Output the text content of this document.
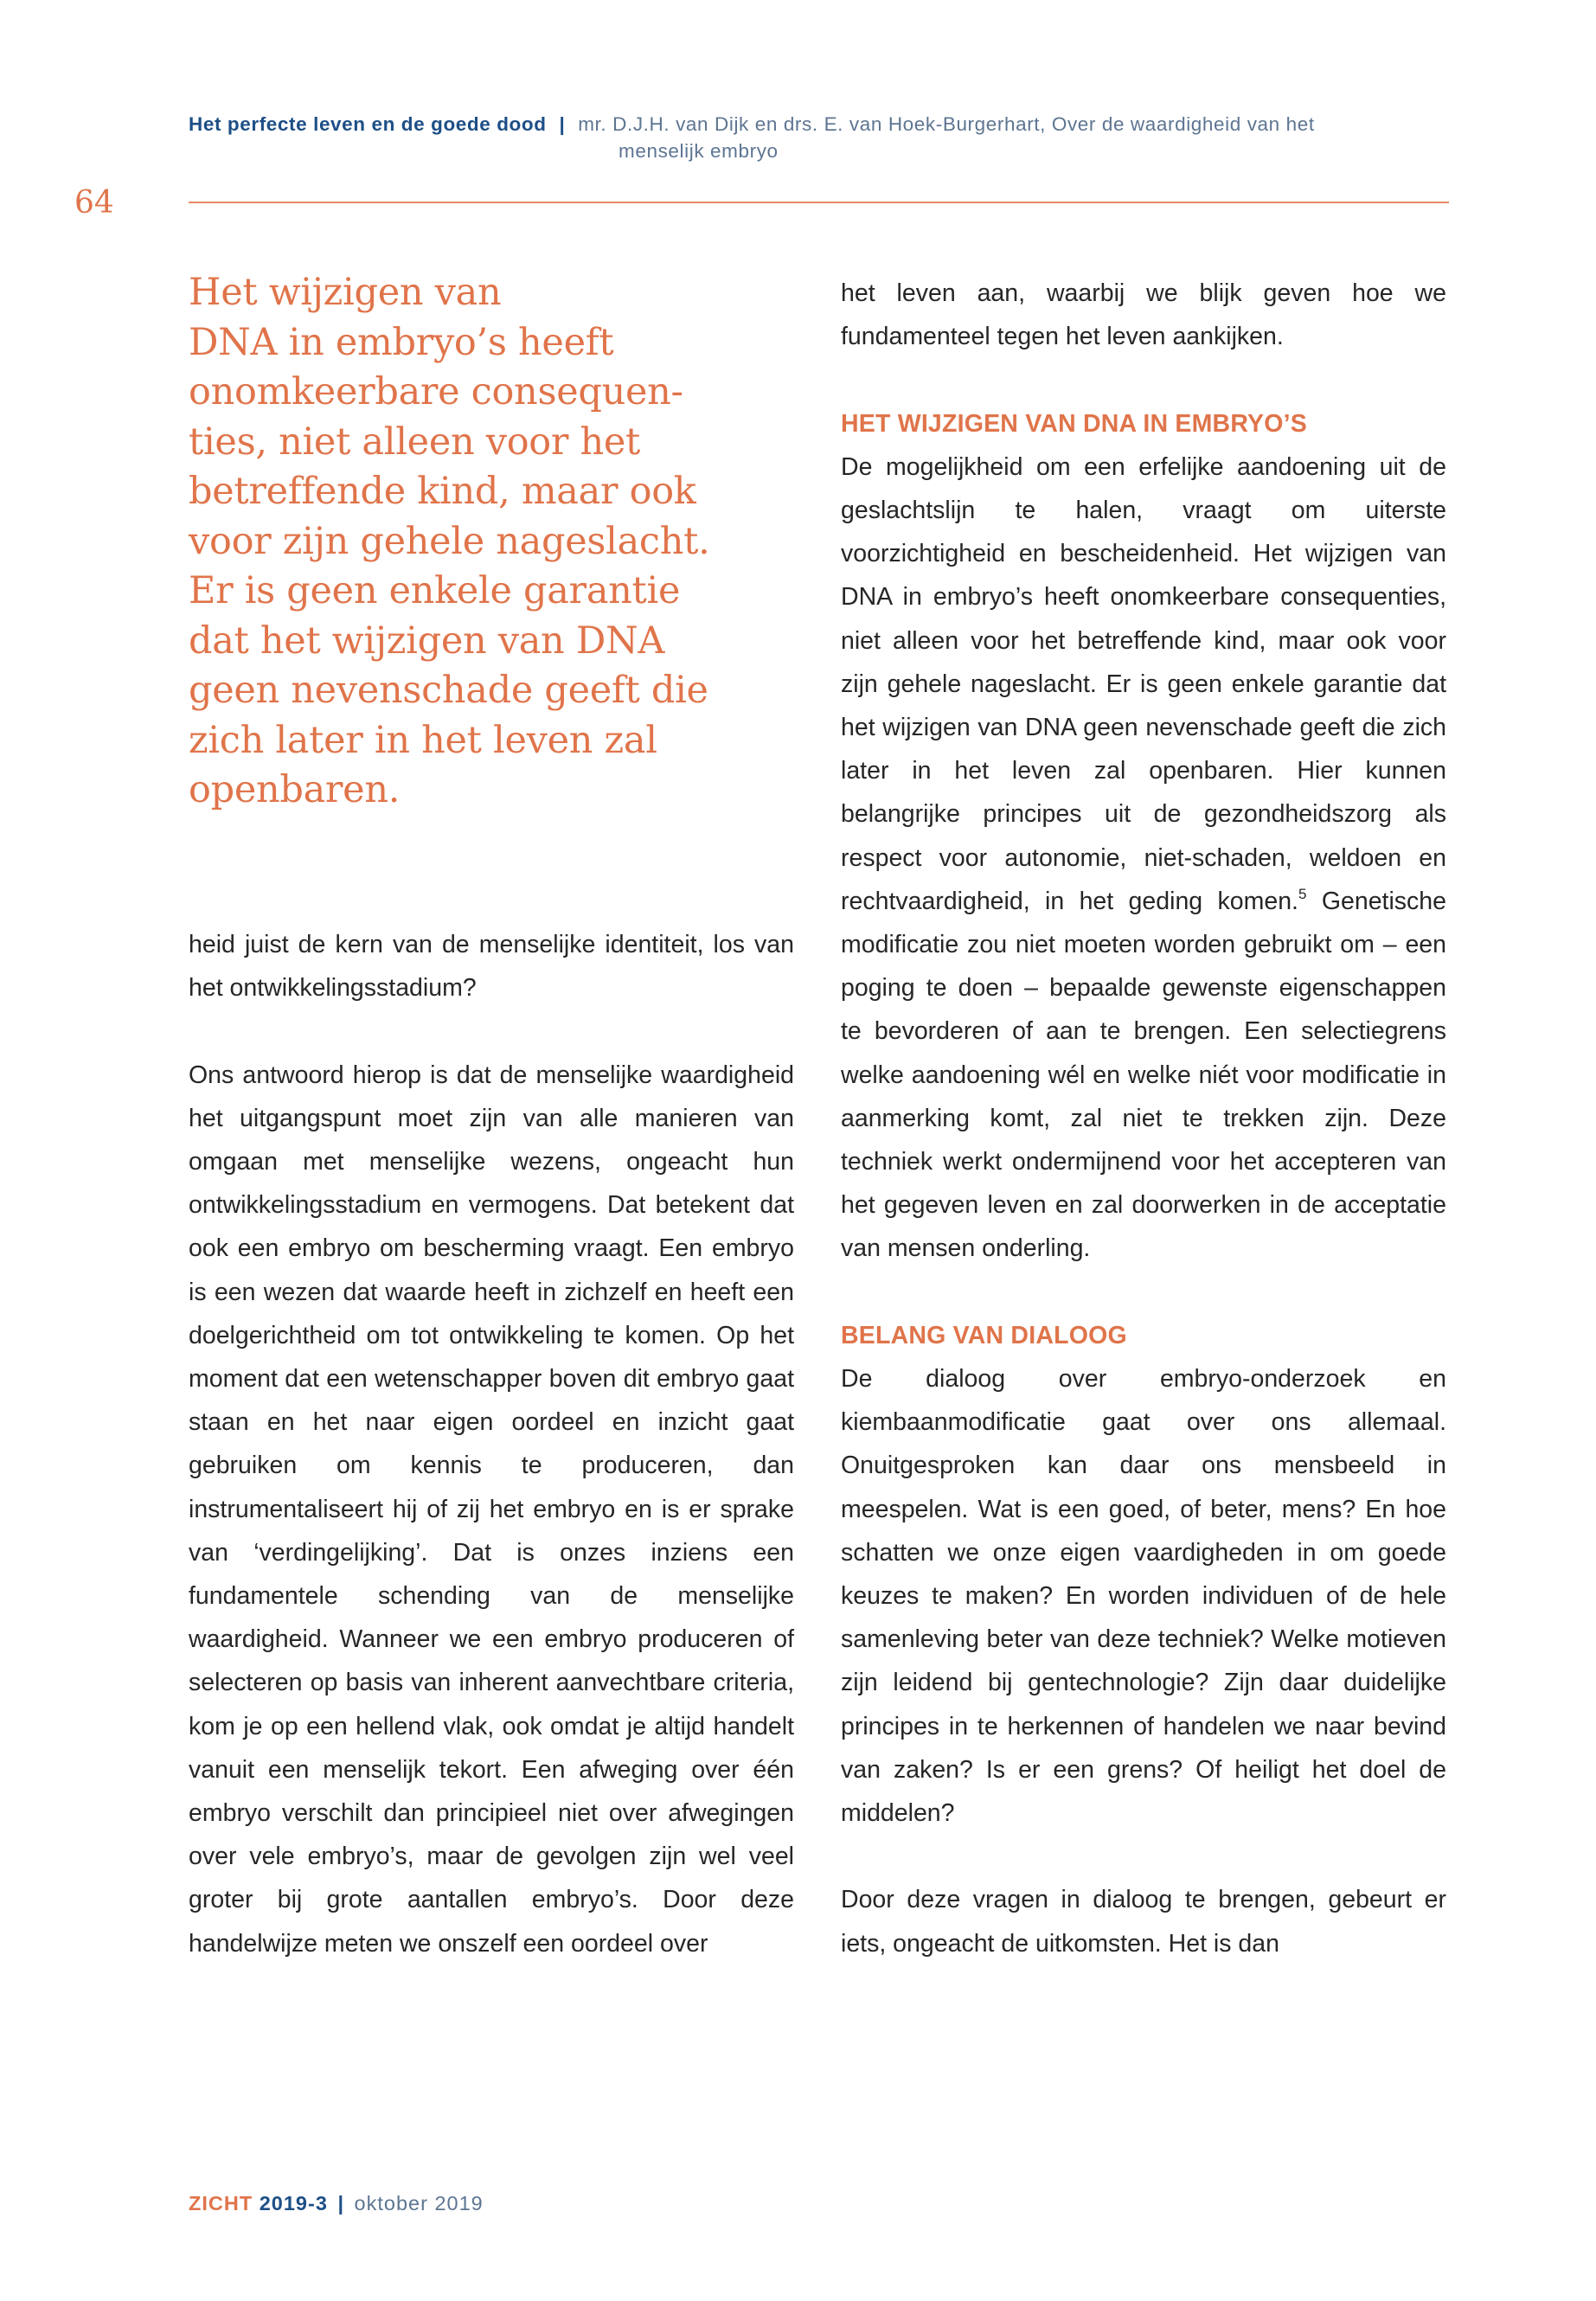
Het perfecte leven en de goede dood | mr. D.J.H. van Dijk en drs. E. van Hoek-Burgerhart, Over de waardigheid van het
menselijk embryo
64
Het wijzigen van
DNA in embryo’s heeft
onomkeerbare consequen-
ties, niet alleen voor het
betreffende kind, maar ook
voor zijn gehele nageslacht.
Er is geen enkele garantie
dat het wijzigen van DNA
geen nevenschade geeft die
zich later in het leven zal
openbaren.

heid juist de kern van de menselijke identiteit, los van het ontwikkelingsstadium?

Ons antwoord hierop is dat de menselijke waardigheid het uitgangspunt moet zijn van alle manieren van omgaan met menselijke wezens, ongeacht hun ontwikkelingsstadium en vermogens. Dat betekent dat ook een embryo om bescherming vraagt. Een embryo is een wezen dat waarde heeft in zichzelf en heeft een doelgerichtheid om tot ontwikkeling te komen. Op het moment dat een wetenschapper boven dit embryo gaat staan en het naar eigen oordeel en inzicht gaat gebruiken om kennis te produceren, dan instrumentaliseert hij of zij het embryo en is er sprake van ‘verdingelijking’. Dat is onzes inziens een fundamentele schending van de menselijke waardigheid. Wanneer we een embryo produceren of selecteren op basis van inherent aanvechtbare criteria, kom je op een hellend vlak, ook omdat je altijd handelt vanuit een menselijk tekort. Een afweging over één embryo verschilt dan principieel niet over afwegingen over vele embryo’s, maar de gevolgen zijn wel veel groter bij grote aantallen embryo’s. Door deze handelwijze meten we onszelf een oordeel over

het leven aan, waarbij we blijk geven hoe we fundamenteel tegen het leven aankijken.

HET WIJZIGEN VAN DNA IN EMBRYO’S

De mogelijkheid om een erfelijke aandoening uit de geslachtslijn te halen, vraagt om uiterste voorzichtigheid en bescheidenheid. Het wijzigen van DNA in embryo’s heeft onomkeerbare consequenties, niet alleen voor het betreffende kind, maar ook voor zijn gehele nageslacht. Er is geen enkele garantie dat het wijzigen van DNA geen nevenschade geeft die zich later in het leven zal openbaren. Hier kunnen belangrijke principes uit de gezondheidszorg als respect voor autonomie, niet-schaden, weldoen en rechtvaardigheid, in het geding komen.$^5$ Genetische modificatie zou niet moeten worden gebruikt om – een poging te doen – bepaalde gewenste eigenschappen te bevorderen of aan te brengen. Een selectiegrens welke aandoening wél en welke niét voor modificatie in aanmerking komt, zal niet te trekken zijn. Deze techniek werkt ondermijnend voor het accepteren van het gegeven leven en zal doorwerken in de acceptatie van mensen onderling.

BELANG VAN DIALOOG

De dialoog over embryo-onderzoek en kiembaanmodificatie gaat over ons allemaal. Onuitgesproken kan daar ons mensbeeld in meespelen. Wat is een goed, of beter, mens? En hoe schatten we onze eigen vaardigheden in om goede keuzes te maken? En worden individuen of de hele samenleving beter van deze techniek? Welke motieven zijn leidend bij gentechnologie? Zijn daar duidelijke principes in te herkennen of handelen we naar bevind van zaken? Is er een grens? Of heiligt het doel de middelen?

Door deze vragen in dialoog te brengen, gebeurt er iets, ongeacht de uitkomsten. Het is dan

ZICHT 2019-3 | oktober 2019
